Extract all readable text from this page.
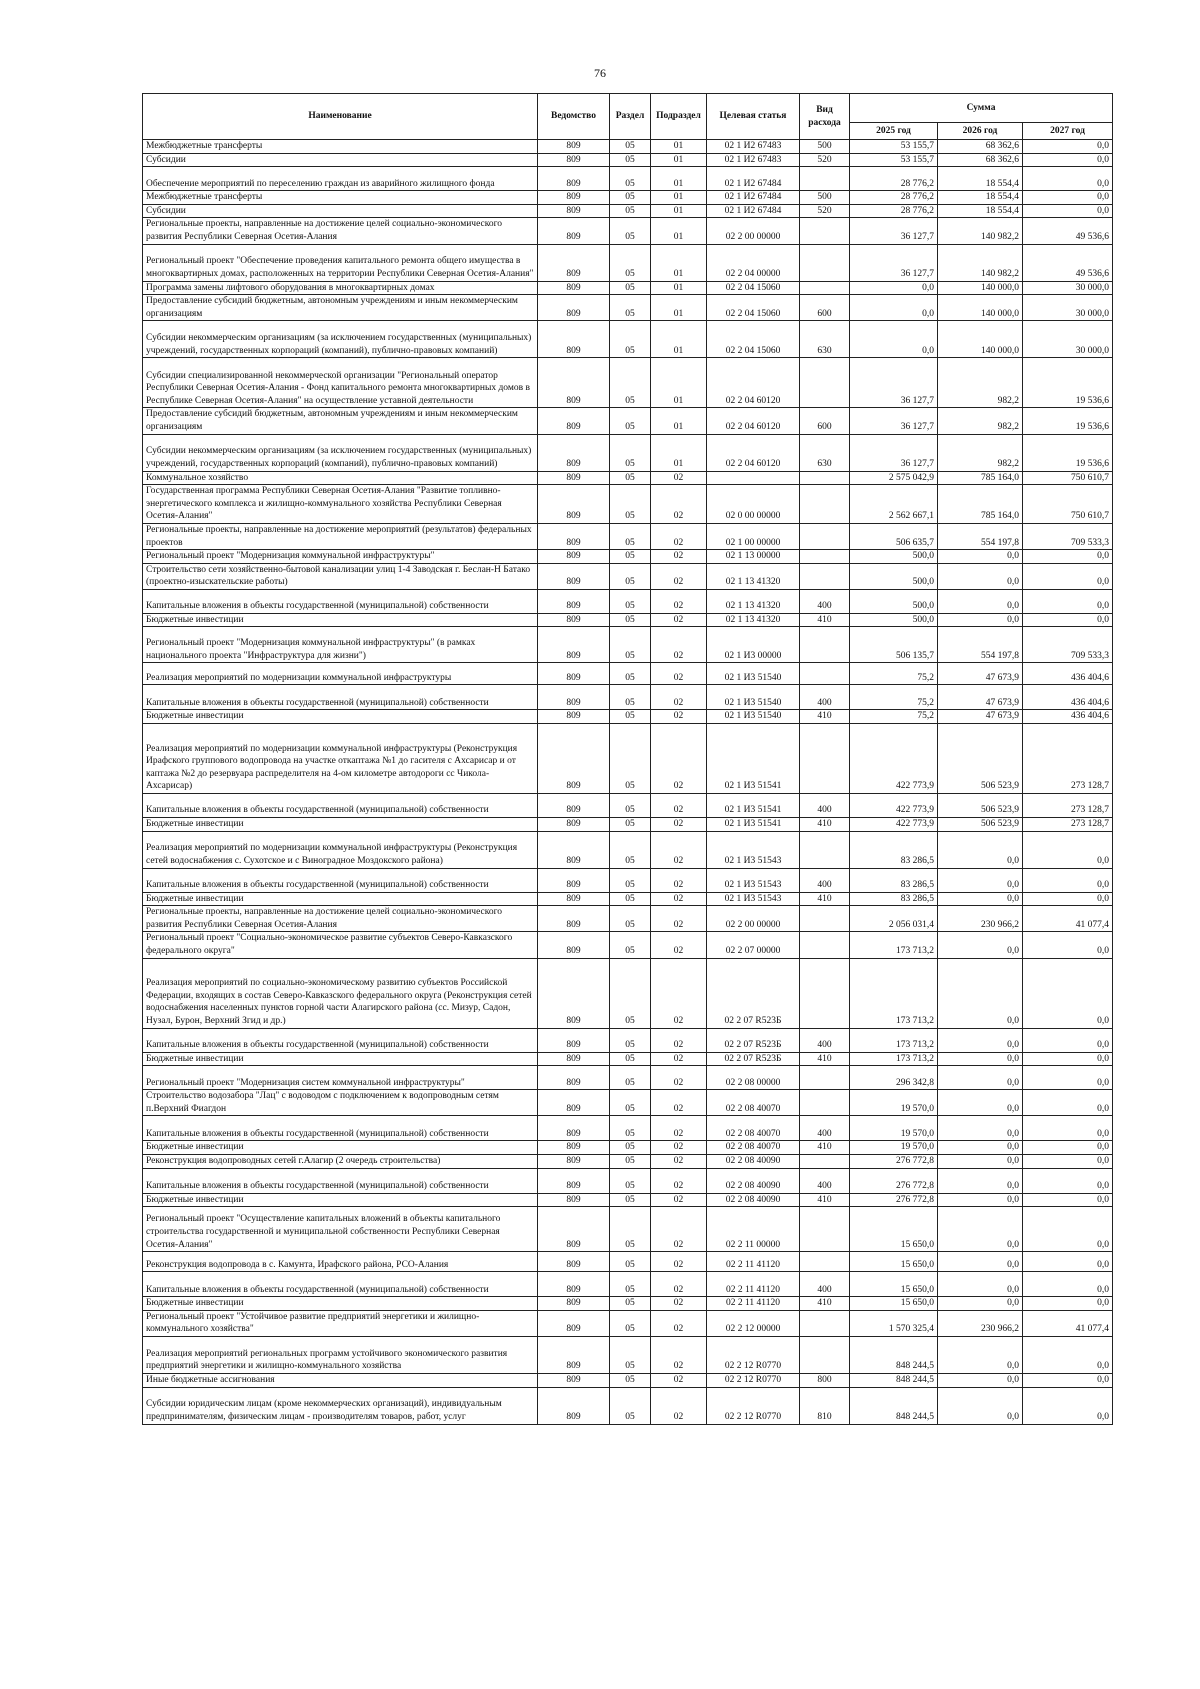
76
Наименование	Ведомство	Раздел	Подраздел	Целевая статья	Вид расхода	Сумма		
						2025 год	2026 год	2027 год
Межбюджетные трансферты	809	05	01	02 1 И2 67483	500	53 155,7	68 362,6	0,0
Субсидии	809	05	01	02 1 И2 67483	520	53 155,7	68 362,6	0,0
Обеспечение мероприятий по переселению граждан из аварийного жилищного фонда	809	05	01	02 1 И2 67484		28 776,2	18 554,4	0,0
Межбюджетные трансферты	809	05	01	02 1 И2 67484	500	28 776,2	18 554,4	0,0
Субсидии	809	05	01	02 1 И2 67484	520	28 776,2	18 554,4	0,0
Региональные проекты, направленные на достижение целей социально-экономического развития Республики Северная Осетия-Алания	809	05	01	02 2 00 00000		36 127,7	140 982,2	49 536,6
Региональный проект "Обеспечение проведения капитального ремонта общего имущества в многоквартирных домах, расположенных на территории Республики Северная Осетия-Алания"	809	05	01	02 2 04 00000		36 127,7	140 982,2	49 536,6
Программа замены лифтового оборудования в многоквартирных домах	809	05	01	02 2 04 15060		0,0	140 000,0	30 000,0
Предоставление субсидий бюджетным, автономным учреждениям и иным некоммерческим организациям	809	05	01	02 2 04 15060	600	0,0	140 000,0	30 000,0
Субсидии некоммерческим организациям (за исключением государственных (муниципальных) учреждений, государственных корпораций (компаний), публично-правовых компаний)	809	05	01	02 2 04 15060	630	0,0	140 000,0	30 000,0
Субсидии специализированной некоммерческой организации "Региональный оператор Республики Северная Осетия-Алания - Фонд капитального ремонта многоквартирных домов в Республике Северная Осетия-Алания" на осуществление уставной деятельности	809	05	01	02 2 04 60120		36 127,7	982,2	19 536,6
Предоставление субсидий бюджетным, автономным учреждениям и иным некоммерческим организациям	809	05	01	02 2 04 60120	600	36 127,7	982,2	19 536,6
Субсидии некоммерческим организациям (за исключением государственных (муниципальных) учреждений, государственных корпораций (компаний), публично-правовых компаний)	809	05	01	02 2 04 60120	630	36 127,7	982,2	19 536,6
Коммунальное хозяйство	809	05	02			2 575 042,9	785 164,0	750 610,7
Государственная программа Республики Северная Осетия-Алания "Развитие топливно-энергетического комплекса и жилищно-коммунального хозяйства Республики Северная Осетия-Алания"	809	05	02	02 0 00 00000		2 562 667,1	785 164,0	750 610,7
Региональные проекты, направленные на достижение мероприятий (результатов) федеральных проектов	809	05	02	02 1 00 00000		506 635,7	554 197,8	709 533,3
Региональный проект "Модернизация коммунальной инфраструктуры"	809	05	02	02 1 13 00000		500,0	0,0	0,0
Строительство сети хозяйственно-бытовой канализации улиц 1-4 Заводская г. Беслан-Н Батако (проектно-изыскательские работы)	809	05	02	02 1 13 41320		500,0	0,0	0,0
Капитальные вложения в объекты государственной (муниципальной) собственности	809	05	02	02 1 13 41320	400	500,0	0,0	0,0
Бюджетные инвестиции	809	05	02	02 1 13 41320	410	500,0	0,0	0,0
Региональный проект "Модернизация коммунальной инфраструктуры" (в рамках национального проекта "Инфраструктура для жизни")	809	05	02	02 1 И3 00000		506 135,7	554 197,8	709 533,3
Реализация мероприятий по модернизации коммунальной инфраструктуры	809	05	02	02 1 И3 51540		75,2	47 673,9	436 404,6
Капитальные вложения в объекты государственной (муниципальной) собственности	809	05	02	02 1 И3 51540	400	75,2	47 673,9	436 404,6
Бюджетные инвестиции	809	05	02	02 1 И3 51540	410	75,2	47 673,9	436 404,6
Реализация мероприятий по модернизации коммунальной инфраструктуры (Реконструкция Ирафского группового водопровода на участке откаптажа №1 до гасителя с Ахсарисар и от каптажа №2 до резервуара распределителя на 4-ом километре автодороги сс Чикола-Ахсарисар)	809	05	02	02 1 И3 51541		422 773,9	506 523,9	273 128,7
Капитальные вложения в объекты государственной (муниципальной) собственности	809	05	02	02 1 И3 51541	400	422 773,9	506 523,9	273 128,7
Бюджетные инвестиции	809	05	02	02 1 И3 51541	410	422 773,9	506 523,9	273 128,7
Реализация мероприятий по модернизации коммунальной инфраструктуры (Реконструкция сетей водоснабжения с. Сухотское и с Виноградное Моздокского района)	809	05	02	02 1 И3 51543		83 286,5	0,0	0,0
Капитальные вложения в объекты государственной (муниципальной) собственности	809	05	02	02 1 И3 51543	400	83 286,5	0,0	0,0
Бюджетные инвестиции	809	05	02	02 1 И3 51543	410	83 286,5	0,0	0,0
Региональные проекты, направленные на достижение целей социально-экономического развития Республики Северная Осетия-Алания	809	05	02	02 2 00 00000		2 056 031,4	230 966,2	41 077,4
Региональный проект "Социально-экономическое развитие субъектов Северо-Кавказского федерального округа"	809	05	02	02 2 07 00000		173 713,2	0,0	0,0
Реализация мероприятий по социально-экономическому развитию субъектов Российской Федерации, входящих в состав Северо-Кавказского федерального округа (Реконструкция сетей водоснабжения населенных пунктов горной части Алагирского района (сс. Мизур, Садон, Нузал, Бурон, Верхний Згид и др.)	809	05	02	02 2 07 R523Б		173 713,2	0,0	0,0
Капитальные вложения в объекты государственной (муниципальной) собственности	809	05	02	02 2 07 R523Б	400	173 713,2	0,0	0,0
Бюджетные инвестиции	809	05	02	02 2 07 R523Б	410	173 713,2	0,0	0,0
Региональный проект "Модернизация систем коммунальной инфраструктуры"	809	05	02	02 2 08 00000		296 342,8	0,0	0,0
Строительство водозабора "Лац" с водоводом с подключением к водопроводным сетям п.Верхний Фиагдон	809	05	02	02 2 08 40070		19 570,0	0,0	0,0
Капитальные вложения в объекты государственной (муниципальной) собственности	809	05	02	02 2 08 40070	400	19 570,0	0,0	0,0
Бюджетные инвестиции	809	05	02	02 2 08 40070	410	19 570,0	0,0	0,0
Реконструкция водопроводных сетей г.Алагир (2 очередь строительства)	809	05	02	02 2 08 40090		276 772,8	0,0	0,0
Капитальные вложения в объекты государственной (муниципальной) собственности	809	05	02	02 2 08 40090	400	276 772,8	0,0	0,0
Бюджетные инвестиции	809	05	02	02 2 08 40090	410	276 772,8	0,0	0,0
Региональный проект "Осуществление капитальных вложений в объекты капитального строительства государственной и муниципальной собственности Республики Северная Осетия-Алания"	809	05	02	02 2 11 00000		15 650,0	0,0	0,0
Реконструкция водопровода в с. Камунта, Ирафского района, РСО-Алания	809	05	02	02 2 11 41120		15 650,0	0,0	0,0
Капитальные вложения в объекты государственной (муниципальной) собственности	809	05	02	02 2 11 41120	400	15 650,0	0,0	0,0
Бюджетные инвестиции	809	05	02	02 2 11 41120	410	15 650,0	0,0	0,0
Региональный проект "Устойчивое развитие предприятий энергетики и жилищно-коммунального хозяйства"	809	05	02	02 2 12 00000		1 570 325,4	230 966,2	41 077,4
Реализация мероприятий региональных программ устойчивого экономического развития предприятий энергетики и жилищно-коммунального хозяйства	809	05	02	02 2 12 R0770		848 244,5	0,0	0,0
Иные бюджетные ассигнования	809	05	02	02 2 12 R0770	800	848 244,5	0,0	0,0
Субсидии юридическим лицам (кроме некоммерческих организаций), индивидуальным предпринимателям, физическим лицам - производителям товаров, работ, услуг	809	05	02	02 2 12 R0770	810	848 244,5	0,0	0,0
